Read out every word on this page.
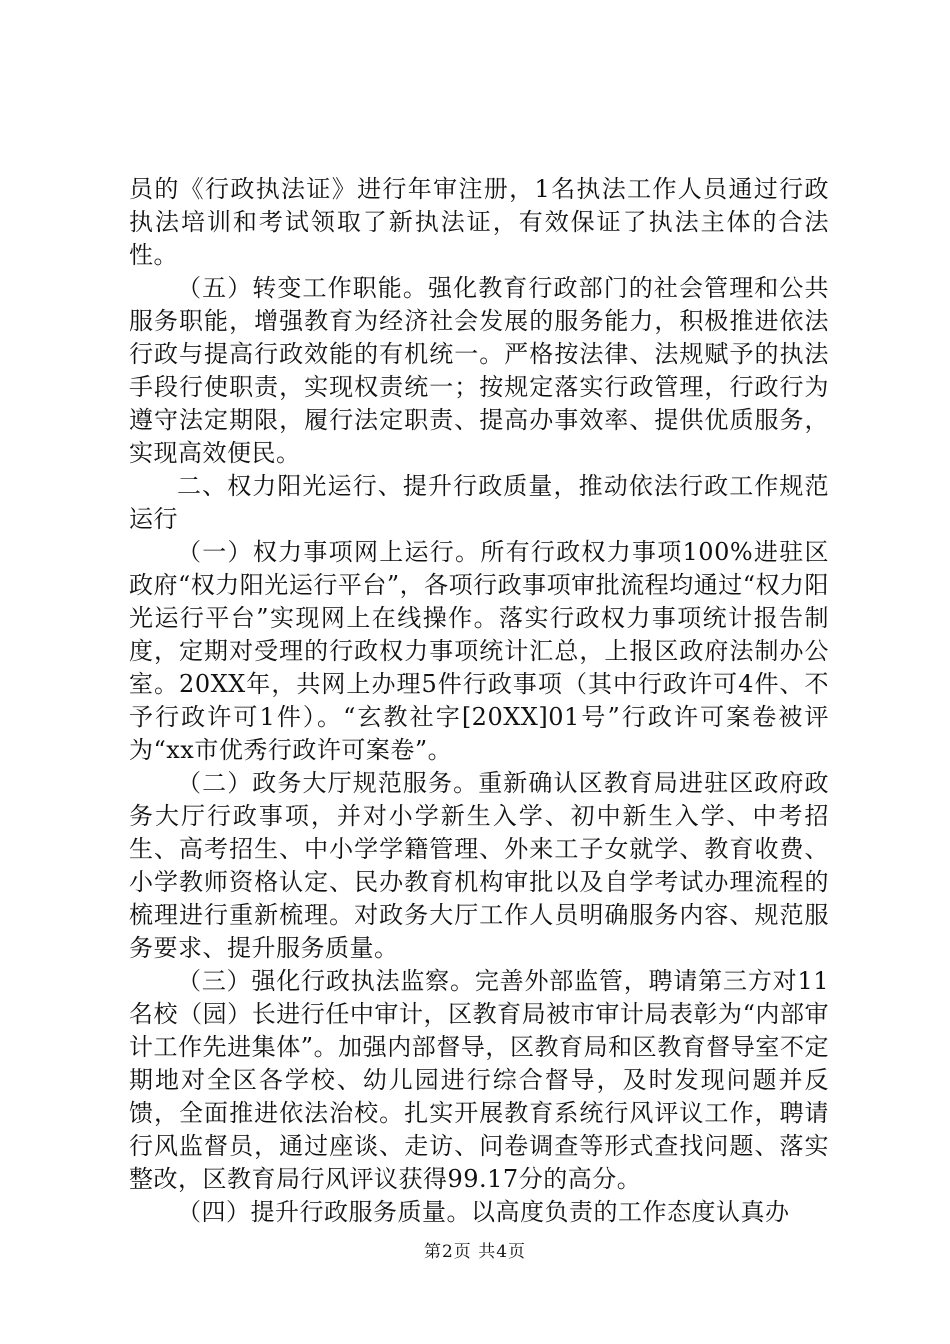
员的《行政执法证》进行年审注册，1名执法工作人员通过行政执法培训和考试领取了新执法证，有效保证了执法主体的合法性。

（五）转变工作职能。强化教育行政部门的社会管理和公共服务职能，增强教育为经济社会发展的服务能力，积极推进依法行政与提高行政效能的有机统一。严格按法律、法规赋予的执法手段行使职责，实现权责统一；按规定落实行政管理，行政行为遵守法定期限，履行法定职责、提高办事效率、提供优质服务，实现高效便民。

二、权力阳光运行、提升行政质量，推动依法行政工作规范运行

（一）权力事项网上运行。所有行政权力事项100%进驻区政府“权力阳光运行平台”，各项行政事项审批流程均通过“权力阳光运行平台”实现网上在线操作。落实行政权力事项统计报告制度，定期对受理的行政权力事项统计汇总，上报区政府法制办公室。20XX年，共网上办理5件行政事项（其中行政许可4件、不予行政许可1件）。“玄教社字[20XX]01号”行政许可案卷被评为“xx市优秀行政许可案卷”。

（二）政务大厅规范服务。重新确认区教育局进驻区政府政务大厅行政事项，并对小学新生入学、初中新生入学、中考招生、高考招生、中小学学籍管理、外来工子女就学、教育收费、小学教师资格认定、民办教育机构审批以及自学考试办理流程的梳理进行重新梳理。对政务大厅工作人员明确服务内容、规范服务要求、提升服务质量。

（三）强化行政执法监察。完善外部监管，聘请第三方对11名校（园）长进行任中审计，区教育局被市审计局表彰为“内部审计工作先进集体”。加强内部督导，区教育局和区教育督导室不定期地对全区各学校、幼儿园进行综合督导，及时发现问题并反馈，全面推进依法治校。扎实开展教育系统行风评议工作，聘请行风监督员，通过座谈、走访、问卷调查等形式查找问题、落实整改，区教育局行风评议获得99.17分的高分。

（四）提升行政服务质量。以高度负责的工作态度认真办

第2页 共4页
